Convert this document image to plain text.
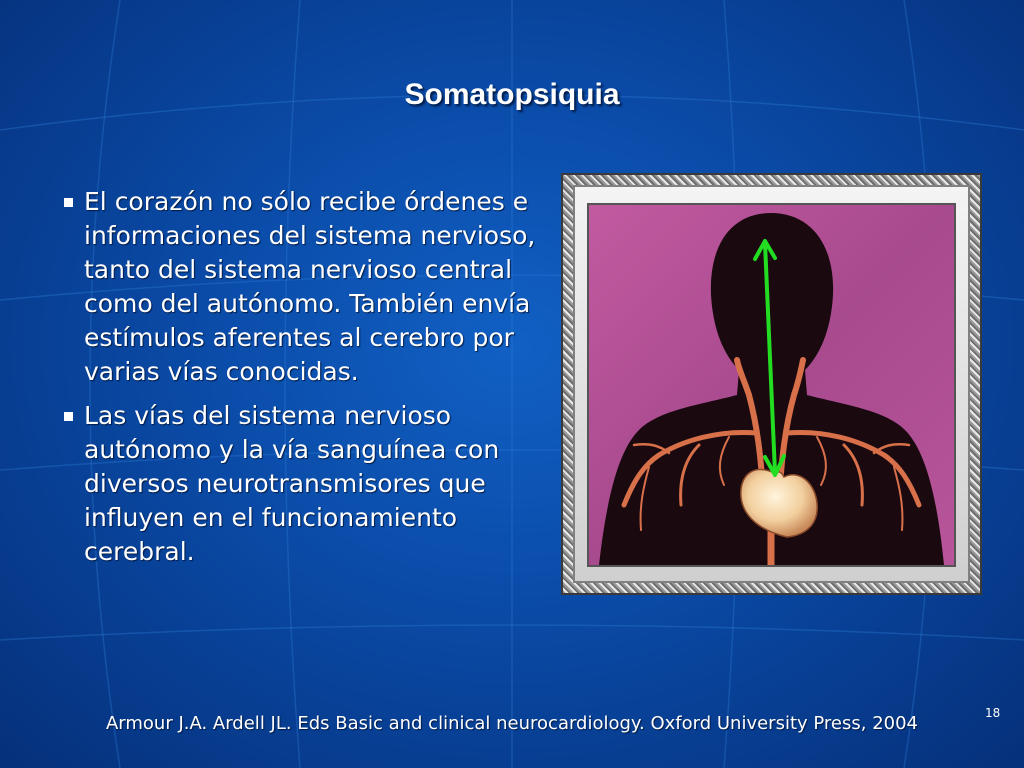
Somatopsiquia
El corazón no sólo recibe órdenes e informaciones del sistema nervioso, tanto del sistema nervioso central como del autónomo. También envía estímulos aferentes al cerebro por varias vías conocidas.
Las vías del sistema nervioso autónomo y la vía sanguínea con diversos neurotransmisores que influyen en el funcionamiento cerebral.
Armour J.A. Ardell JL. Eds Basic and clinical neurocardiology. Oxford University Press, 2004	18
